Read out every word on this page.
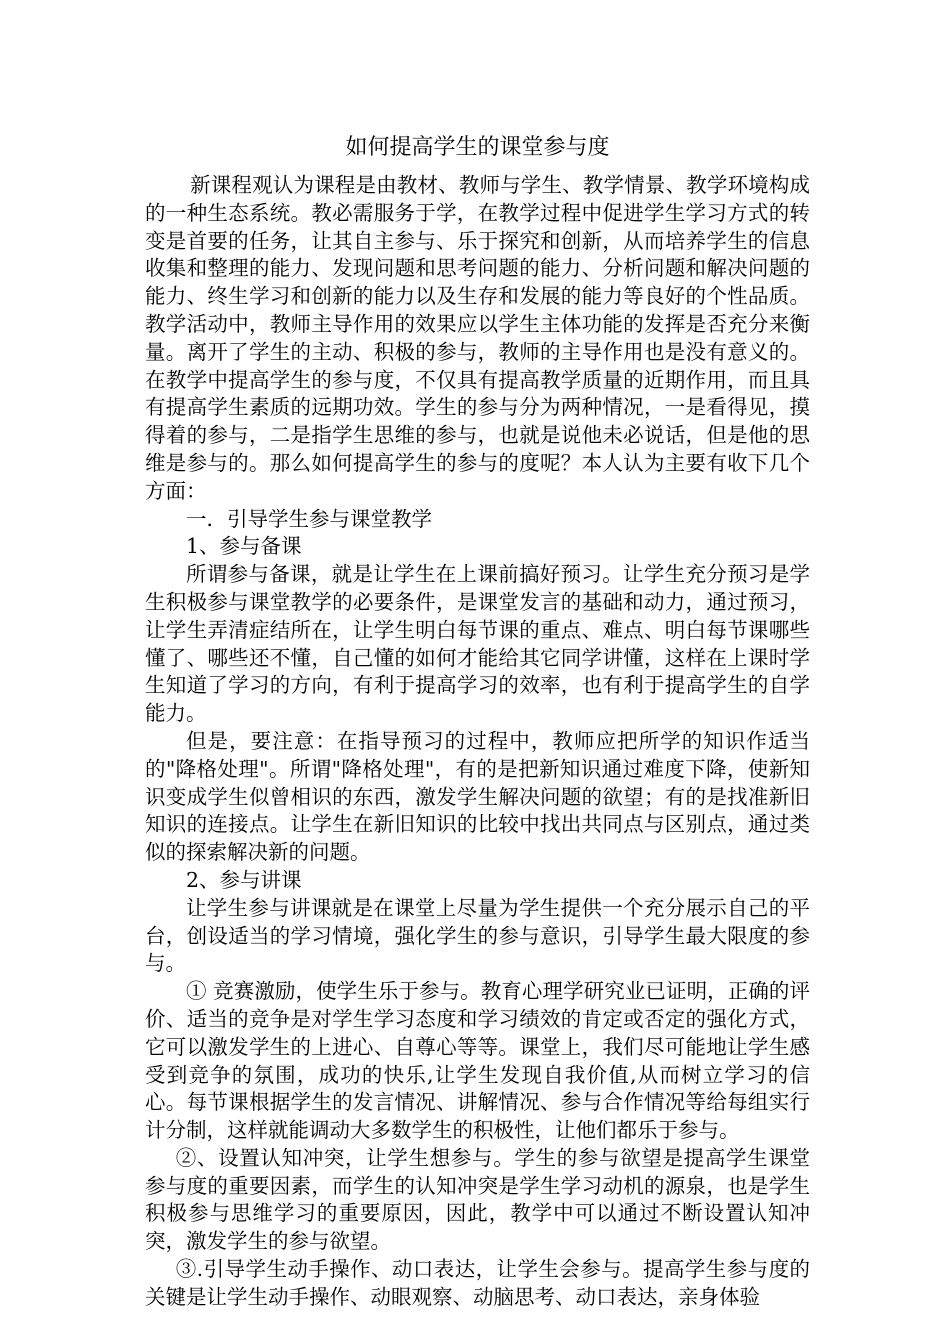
如何提高学生的课堂参与度

新课程观认为课程是由教材、教师与学生、教学情景、教学环境构成的一种生态系统。教必需服务于学，在教学过程中促进学生学习方式的转变是首要的任务，让其自主参与、乐于探究和创新，从而培养学生的信息收集和整理的能力、发现问题和思考问题的能力、分析问题和解决问题的能力、终生学习和创新的能力以及生存和发展的能力等良好的个性品质。教学活动中，教师主导作用的效果应以学生主体功能的发挥是否充分来衡量。离开了学生的主动、积极的参与，教师的主导作用也是没有意义的。在教学中提高学生的参与度，不仅具有提高教学质量的近期作用，而且具有提高学生素质的远期功效。学生的参与分为两种情况，一是看得见，摸得着的参与，二是指学生思维的参与，也就是说他未必说话，但是他的思维是参与的。那么如何提高学生的参与的度呢？本人认为主要有收下几个方面：

一．引导学生参与课堂教学

1、参与备课

所谓参与备课，就是让学生在上课前搞好预习。让学生充分预习是学生积极参与课堂教学的必要条件，是课堂发言的基础和动力，通过预习，让学生弄清症结所在，让学生明白每节课的重点、难点、明白每节课哪些懂了、哪些还不懂，自己懂的如何才能给其它同学讲懂，这样在上课时学生知道了学习的方向，有利于提高学习的效率，也有利于提高学生的自学能力。

但是，要注意：在指导预习的过程中，教师应把所学的知识作适当的"降格处理"。所谓"降格处理"，有的是把新知识通过难度下降，使新知识变成学生似曾相识的东西，激发学生解决问题的欲望；有的是找准新旧知识的连接点。让学生在新旧知识的比较中找出共同点与区别点，通过类似的探索解决新的问题。

2、参与讲课

让学生参与讲课就是在课堂上尽量为学生提供一个充分展示自己的平台，创设适当的学习情境，强化学生的参与意识，引导学生最大限度的参与。

① 竞赛激励，使学生乐于参与。教育心理学研究业已证明，正确的评价、适当的竞争是对学生学习态度和学习绩效的肯定或否定的强化方式，它可以激发学生的上进心、自尊心等等。课堂上，我们尽可能地让学生感受到竞争的氛围，成功的快乐,让学生发现自我价值,从而树立学习的信心。每节课根据学生的发言情况、讲解情况、参与合作情况等给每组实行计分制，这样就能调动大多数学生的积极性，让他们都乐于参与。

②、设置认知冲突，让学生想参与。学生的参与欲望是提高学生课堂参与度的重要因素，而学生的认知冲突是学生学习动机的源泉，也是学生积极参与思维学习的重要原因，因此，教学中可以通过不断设置认知冲突，激发学生的参与欲望。

③.引导学生动手操作、动口表达，让学生会参与。提高学生参与度的关键是让学生动手操作、动眼观察、动脑思考、动口表达，亲身体验
